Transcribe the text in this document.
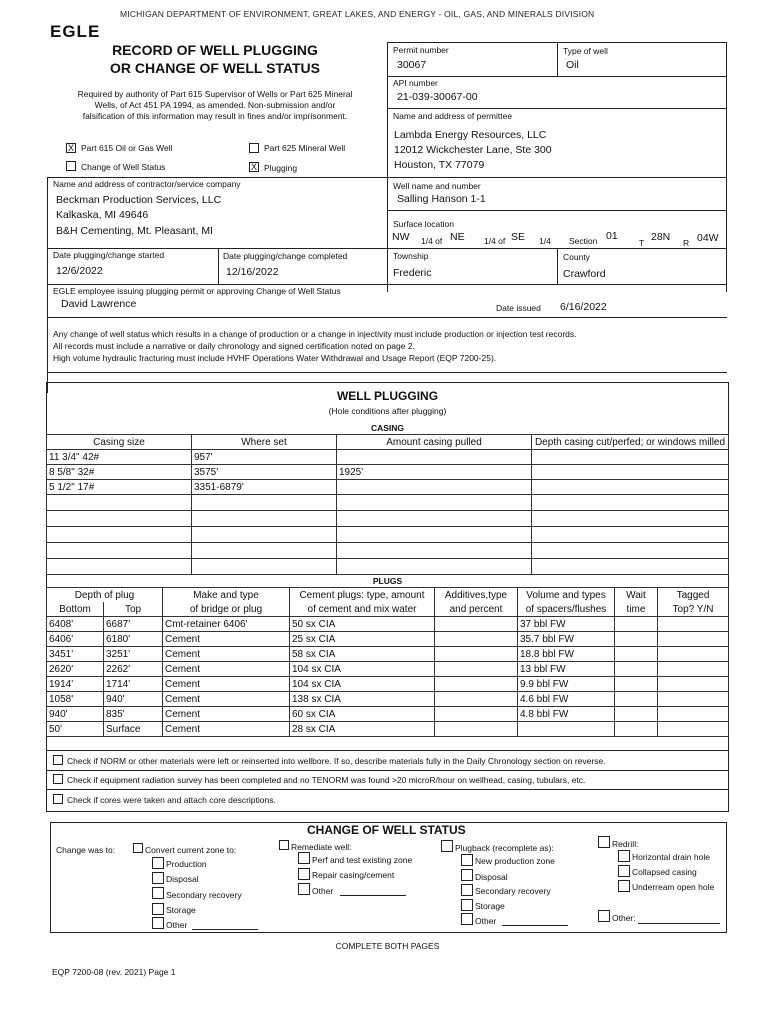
MICHIGAN DEPARTMENT OF ENVIRONMENT, GREAT LAKES, AND ENERGY - OIL, GAS, AND MINERALS DIVISION
EGLE
RECORD OF WELL PLUGGING
OR CHANGE OF WELL STATUS
Required by authority of Part 615 Supervisor of Wells or Part 625 Mineral
Wells, of Act 451 PA 1994, as amended. Non-submission and/or
falsification of this information may result in fines and/or imprisonment.
X Part 615 Oil or Gas Well	Part 625 Mineral Well
Change of Well Status	X Plugging
Permit number
30067
Type of well
Oil
API number
21-039-30067-00
Name and address of permittee
Lambda Energy Resources, LLC
12012 Wickchester Lane, Ste 300
Houston, TX 77079
Name and address of contractor/service company
Beckman Production Services, LLC
Kalkaska, MI 49646
B&H Cementing, Mt. Pleasant, MI
Well name and number
Salling Hanson 1-1
Surface location
NW 1/4 of NE 1/4 of SE 1/4 Section 01
T 28N R 04W
Date plugging/change started
12/6/2022
Date plugging/change completed
12/16/2022
Township
Frederic
County
Crawford
EGLE employee issuing plugging permit or approving Change of Well Status
David Lawrence	Date issued 6/16/2022
Any change of well status which results in a change of production or a change in injectivity must include production or injection test records.
All records must include a narrative or daily chronology and signed certification noted on page 2.
High volume hydraulic fracturing must include HVHF Operations Water Withdrawal and Usage Report (EQP 7200-25).
WELL PLUGGING
(Hole conditions after plugging)
CASING
Casing size	Where set	Amount casing pulled	Depth casing cut/perfed; or windows milled
11 3/4" 42#	957'		
8 5/8" 32#	3575'	1925'	
5 1/2" 17#	3351-6879'		

PLUGS
Depth of plug		Make and type	Cement plugs: type, amount	Additives,type	Volume and types	Wait	Tagged
Bottom	Top	of bridge or plug	of cement and mix water	and percent	of spacers/flushes	time	Top? Y/N
6408'	6687'	Cmt-retainer 6406'	50 sx CIA		37 bbl FW		
6406'	6180'	Cement	25 sx CIA		35.7 bbl FW		
3451'	3251'	Cement	58 sx CIA		18.8 bbl FW		
2620'	2262'	Cement	104 sx CIA		13 bbl FW		
1914'	1714'	Cement	104 sx CIA		9.9 bbl FW		
1058'	940'	Cement	138 sx CIA		4.6 bbl FW		
940'	835'	Cement	60 sx CIA		4.8 bbl FW		
50'	Surface	Cement	28 sx CIA				
Check if NORM or other materials were left or reinserted into wellbore. If so, describe materials fully in the Daily Chronology section on reverse.
Check if equipment radiation survey has been completed and no TENORM was found >20 microR/hour on wellhead, casing, tubulars, etc.
Check if cores were taken and attach core descriptions.
CHANGE OF WELL STATUS
Change was to:	Convert current zone to:
Production
Disposal
Secondary recovery
Storage
Other
Remediate well:
Perf and test existing zone
Repair casing/cement
Other
Plugback (recomplete as):
New production zone
Disposal
Secondary recovery
Storage
Other
Redrill:
Horizontal drain hole
Collapsed casing
Underream open hole
Other:
COMPLETE BOTH PAGES
EQP 7200-08 (rev. 2021) Page 1
